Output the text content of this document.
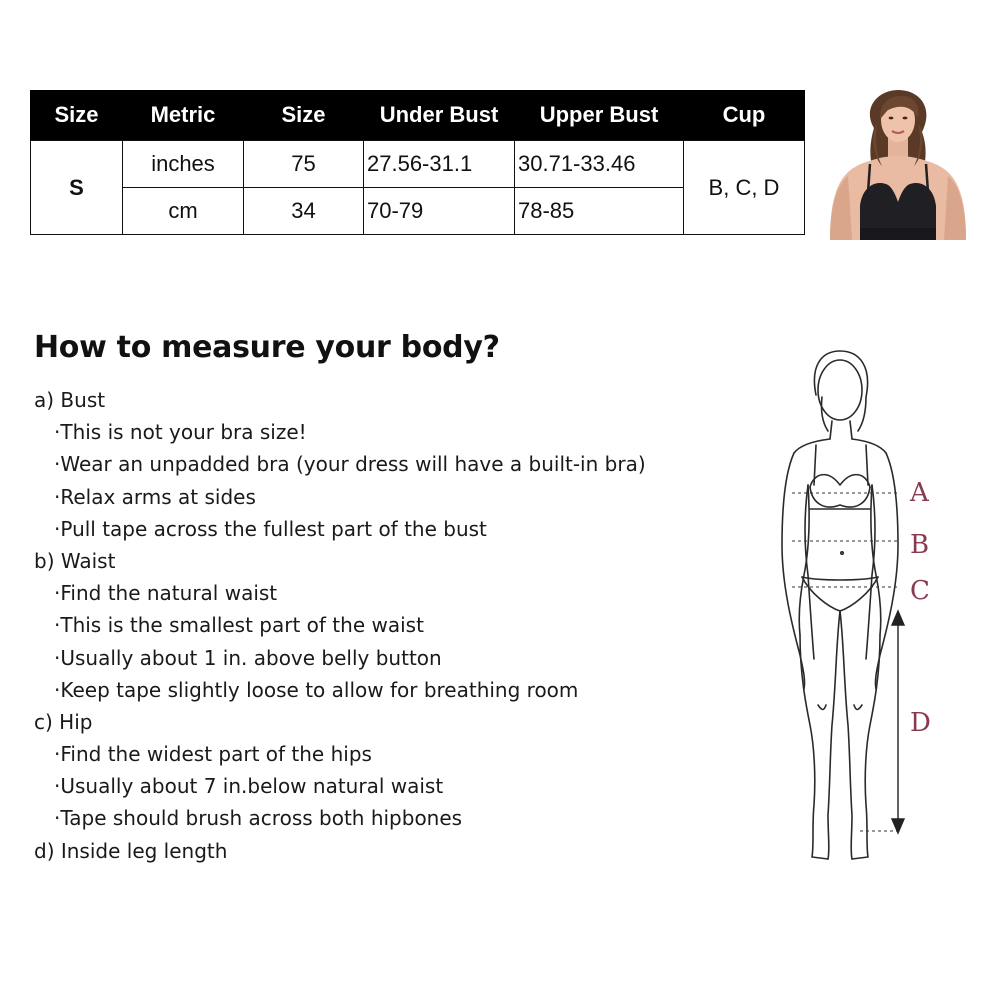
Size	Metric	Size	Under Bust	Upper Bust	Cup
S	inches	75	27.56-31.1	30.71-33.46	B, C, D
	cm	34	70-79	78-85	
How to measure your body?
a) Bust
·This is not your bra size!
·Wear an unpadded bra (your dress will have a built-in bra)
·Relax arms at sides
·Pull tape across the fullest part of the bust
b) Waist
·Find the natural waist
·This is the smallest part of the waist
·Usually about 1 in. above belly button
·Keep tape slightly loose to allow for breathing room
c) Hip
·Find the widest part of the hips
·Usually about 7 in.below natural waist
·Tape should brush across both hipbones
d) Inside leg length
A
B
C
D
